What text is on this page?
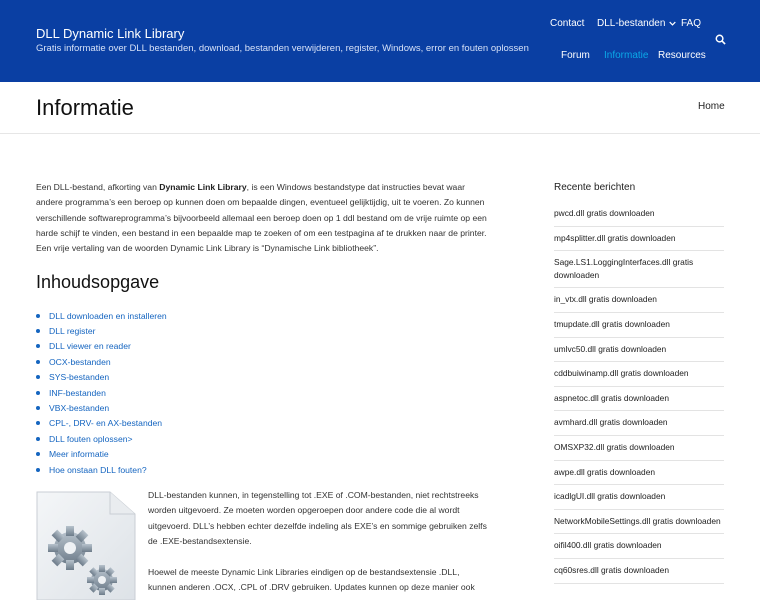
DLL Dynamic Link Library
Gratis informatie over DLL bestanden, download, bestanden verwijderen, register, Windows, error en fouten oplossen
Contact DLL-bestanden FAQ
Forum Informatie Resources
Informatie	Home

Een DLL-bestand, afkorting van Dynamic Link Library, is een Windows bestandstype dat instructies bevat waar andere programma’s een beroep op kunnen doen om bepaalde dingen, eventueel gelijktijdig, uit te voeren. Zo kunnen verschillende softwareprogramma’s bijvoorbeeld allemaal een beroep doen op 1 ddl bestand om de vrije ruimte op een harde schijf te vinden, een bestand in een bepaalde map te zoeken of om een testpagina af te drukken naar de printer. Een vrije vertaling van de woorden Dynamic Link Library is “Dynamische Link bibliotheek”.

Inhoudsopgave
DLL downloaden en installeren
DLL register
DLL viewer en reader
OCX-bestanden
SYS-bestanden
INF-bestanden
VBX-bestanden
CPL-, DRV- en AX-bestanden
DLL fouten oplossen>
Meer informatie
Hoe onstaan DLL fouten?

DLL-bestanden kunnen, in tegenstelling tot .EXE of .COM-bestanden, niet rechtstreeks worden uitgevoerd. Ze moeten worden opgeroepen door andere code die al wordt uitgevoerd. DLL’s hebben echter dezelfde indeling als EXE’s en sommige gebruiken zelfs de .EXE-bestandsextensie.

Hoewel de meeste Dynamic Link Libraries eindigen op de bestandsextensie .DLL, kunnen anderen .OCX, .CPL of .DRV gebruiken. Updates kunnen op deze manier ook

Recente berichten
pwcd.dll gratis downloaden
mp4splitter.dll gratis downloaden
Sage.LS1.LoggingInterfaces.dll gratis downloaden
in_vtx.dll gratis downloaden
tmupdate.dll gratis downloaden
umlvc50.dll gratis downloaden
cddbuiwinamp.dll gratis downloaden
aspnetoc.dll gratis downloaden
avmhard.dll gratis downloaden
OMSXP32.dll gratis downloaden
awpe.dll gratis downloaden
icadlgUI.dll gratis downloaden
NetworkMobileSettings.dll gratis downloaden
oifil400.dll gratis downloaden
cq60sres.dll gratis downloaden
